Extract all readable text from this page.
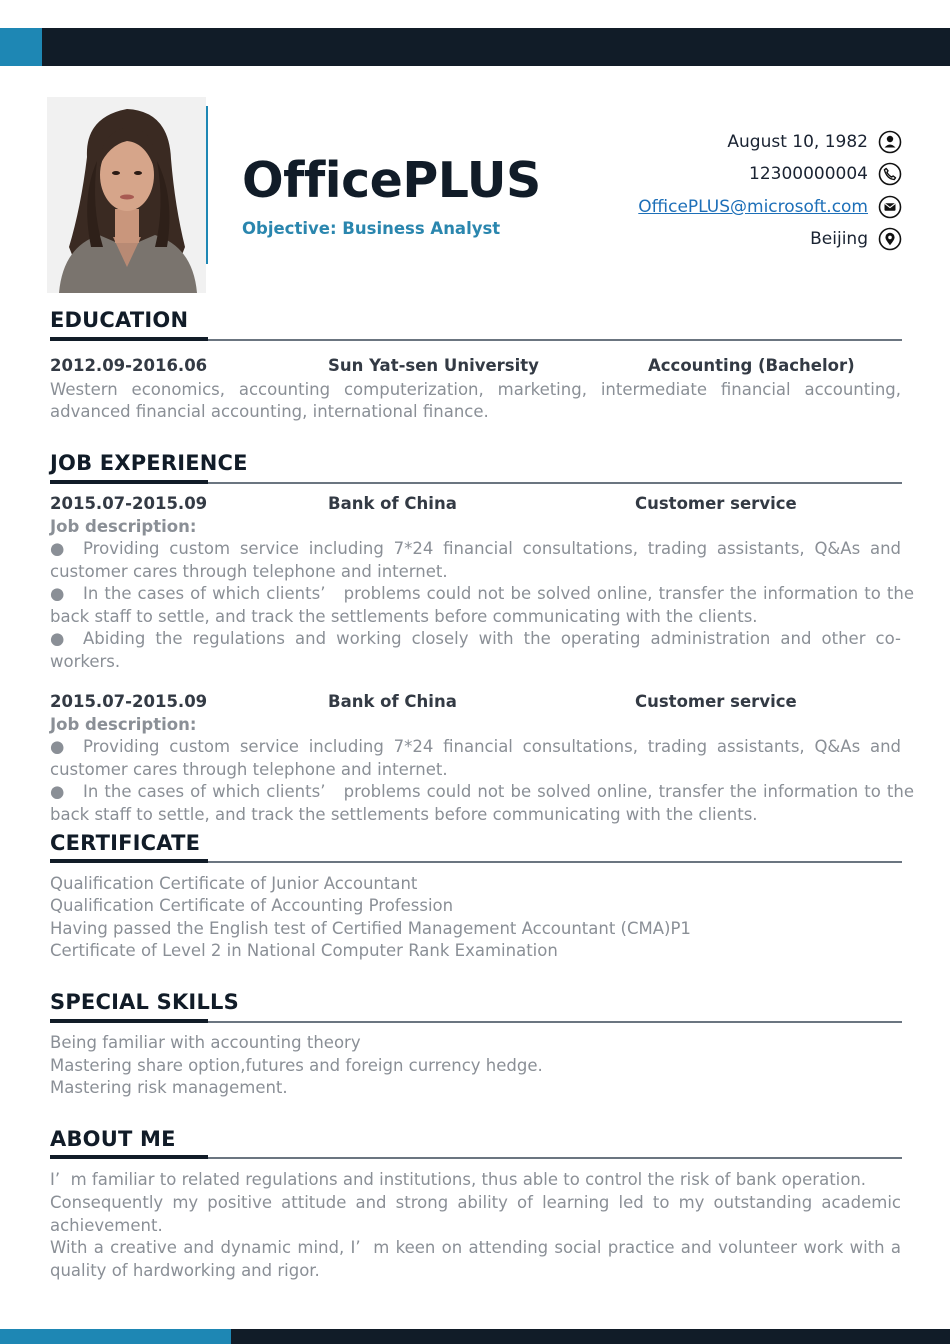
OfficePLUS
Objective: Business Analyst
August 10, 1982
12300000004
OfficePLUS@microsoft.com
Beijing
EDUCATION
2012.09-2016.06	Sun Yat-sen University	Accounting (Bachelor)
Western economics, accounting computerization, marketing, intermediate financial accounting,
advanced financial accounting, international finance.
JOB EXPERIENCE
2015.07-2015.09	Bank of China	Customer service
Job description:
● Providing custom service including 7*24 financial consultations, trading assistants, Q&As and customer cares through telephone and internet.
● In the cases of which clients’   problems could not be solved online, transfer the information to the back staff to settle, and track the settlements before communicating with the clients.
● Abiding the regulations and working closely with the operating administration and other co-workers.
2015.07-2015.09	Bank of China	Customer service
Job description:
● Providing custom service including 7*24 financial consultations, trading assistants, Q&As and customer cares through telephone and internet.
● In the cases of which clients’   problems could not be solved online, transfer the information to the back staff to settle, and track the settlements before communicating with the clients.
CERTIFICATE
Qualification Certificate of Junior Accountant
Qualification Certificate of Accounting Profession
Having passed the English test of Certified Management Accountant (CMA)P1
Certificate of Level 2 in National Computer Rank Examination
SPECIAL SKILLS
Being familiar with accounting theory
Mastering share option,futures and foreign currency hedge.
Mastering risk management.
ABOUT ME
I’  m familiar to related regulations and institutions, thus able to control the risk of bank operation.
Consequently my positive attitude and strong ability of learning led to my outstanding academic achievement.
With a creative and dynamic mind, I’  m keen on attending social practice and volunteer work with a quality of hardworking and rigor.
